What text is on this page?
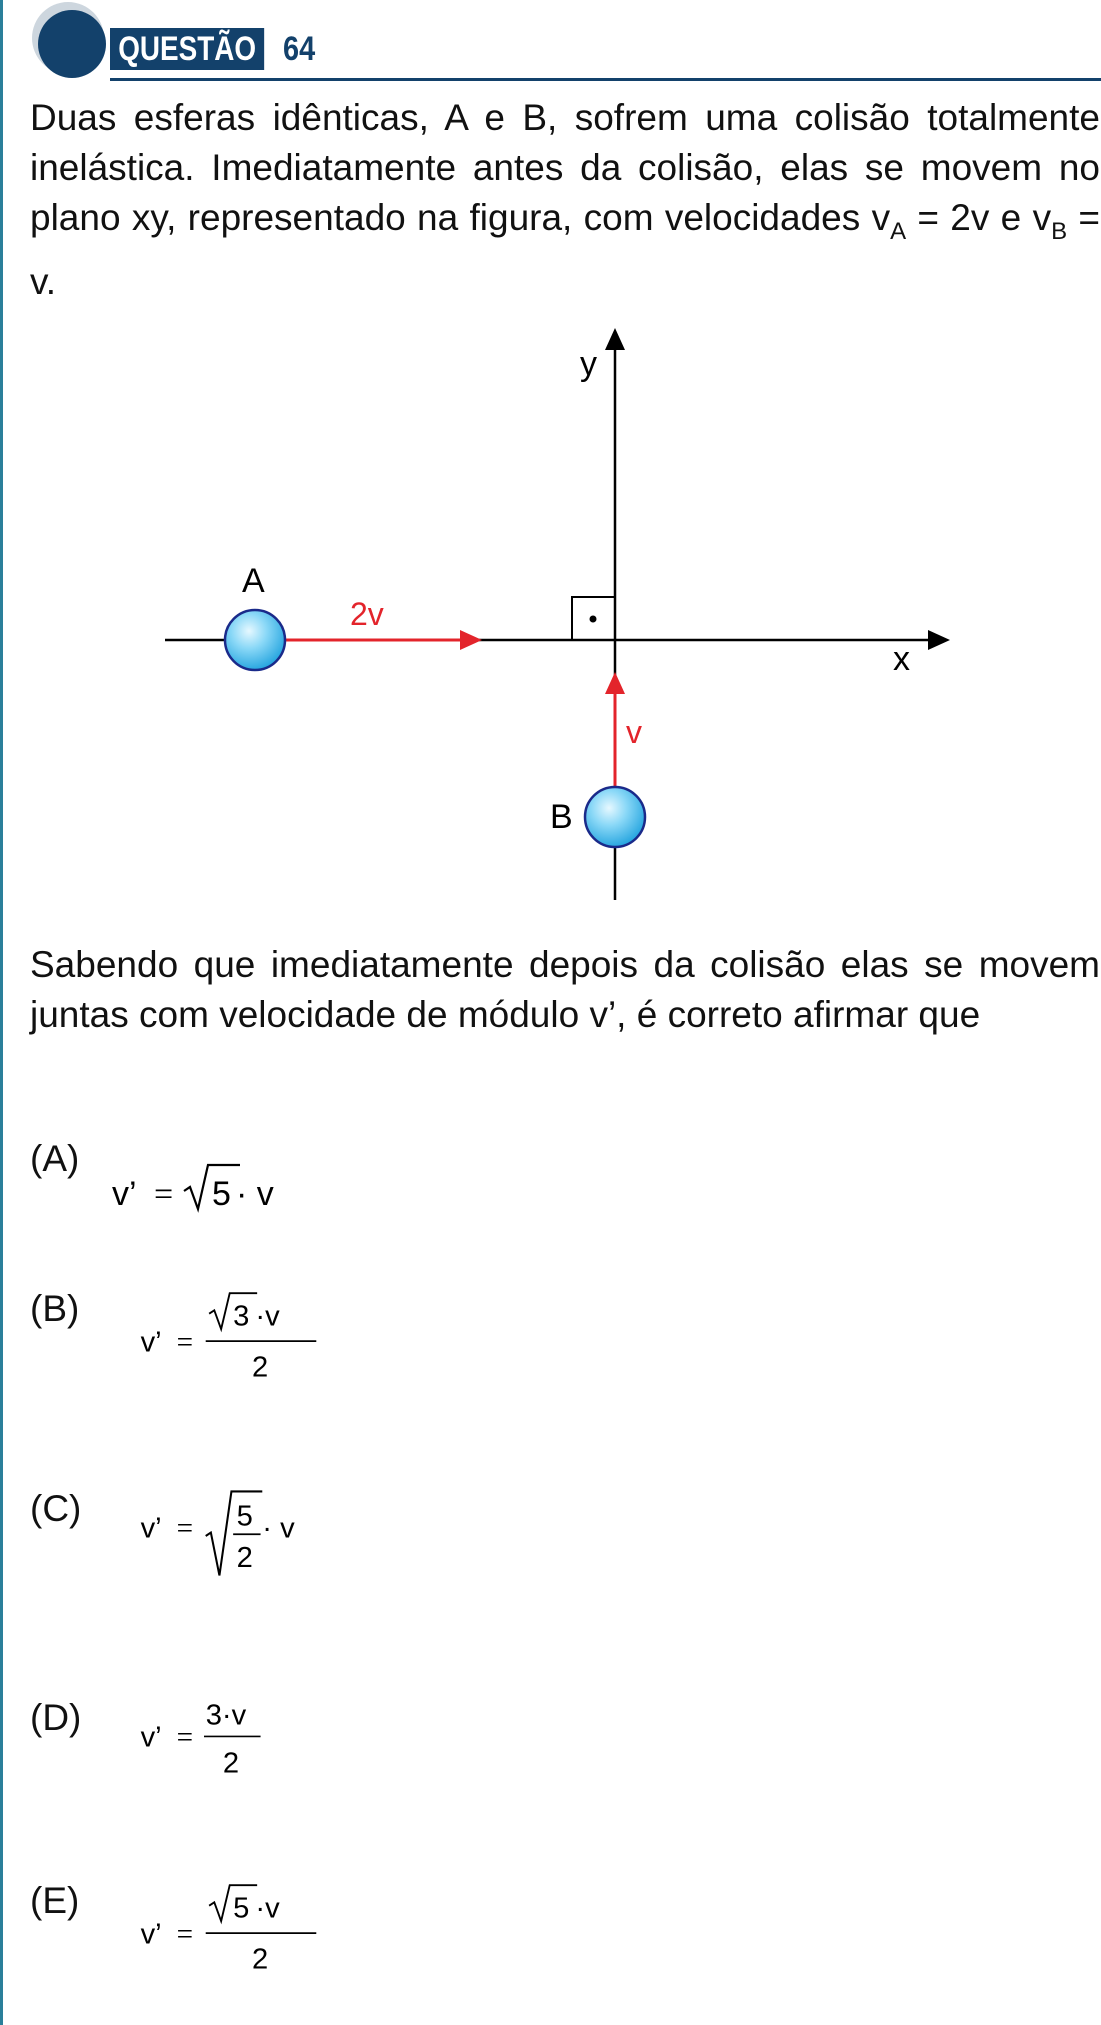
QUESTÃO 64
Duas esferas idênticas, A e B, sofrem uma colisão totalmente inelástica. Imediatamente antes da colisão, elas se movem no plano xy, representado na figura, com velocidades $v_A = 2v$ e $v_B = v$.
y
x
2v
A
v
B
Sabendo que imediatamente depois da colisão elas se movem juntas com velocidade de módulo v’, é correto afirmar que
(A)
v’ = 5 · v
(B)
v’ =
3 ·v
2
(C) v’ = 5
2
· v
(D) v’ =
3·v
2
(E)
v’ =
5 ·v
2
